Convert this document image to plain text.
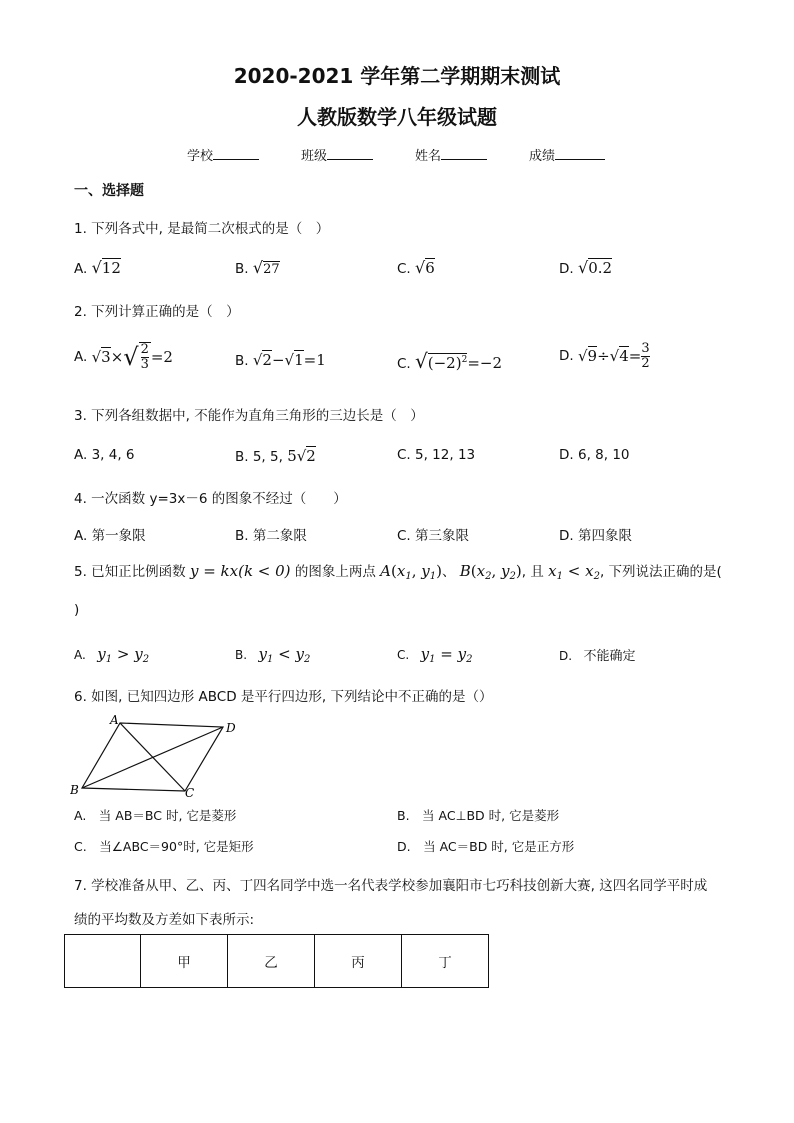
2020-2021 学年第二学期期末测试
人教版数学八年级试题
学校	班级	姓名	成绩
一、选择题
1. 下列各式中, 是最简二次根式的是（　）
A. √12	B. √27	C. √6	D. √0.2
2. 下列计算正确的是（　）
A.
√3 × √ $\frac{2}{3} =2$	B. √2−√1=1	C. $√(-2)^2=-2$	D.
$√9 \div √4 = \frac{3}{2}$
3. 下列各组数据中, 不能作为直角三角形的三边长是（　）
A. 3, 4, 6	B. 5, 5, 5√2	C. 5, 12, 13	D. 6, 8, 10
4. 一次函数 y=3x－6 的图象不经过（　　）
A. 第一象限	B. 第二象限	C. 第三象限	D. 第四象限
5. 已知正比例函数 y = kx(k < 0) 的图象上两点 $A(x_1$, $y_1$)、 $B(x_2$, $y_2$), 且 $x_1 < x_2$, 下列说法正确的是(
)
A. $y_1 > y_2$	B. $y_1 < y_2$	C. $y_1 = y_2$	D. 不能确定
6. 如图, 已知四边形 ABCD 是平行四边形, 下列结论中不正确的是（）
A
D
B	C
A.　当 AB＝BC 时, 它是菱形	B.　当 AC⊥BD 时, 它是菱形
C.　当∠ABC＝90°时, 它是矩形	D.　当 AC＝BD 时, 它是正方形
7. 学校准备从甲、乙、丙、丁四名同学中选一名代表学校参加襄阳市七巧科技创新大赛, 这四名同学平时成
绩的平均数及方差如下表所示:
	甲	乙	丙	丁
